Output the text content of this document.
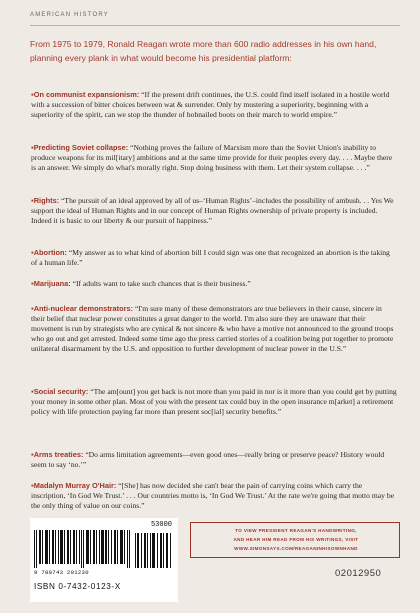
AMERICAN HISTORY
From 1975 to 1979, Ronald Reagan wrote more than 600 radio addresses in his own hand, planning every plank in what would become his presidential platform:
▪On communist expansionism: “If the present drift continues, the U.S. could find itself isolated in a hostile world with a succession of bitter choices between wat & surrender. Only by mustering a superiority, beginning with a superiority of the spirit, can we stop the thunder of hobnailed boots on their march to world empire.”
▪Predicting Soviet collapse: “Nothing proves the failure of Marxism more than the Soviet Union's inability to produce weapons for its mil[itary] ambitions and at the same time provide for their peoples every day. . . . Maybe there is an answer. We simply do what's morally right. Stop doing business with them. Let their system collapse. . . .”
▪Rights: “The pursuit of an ideal approved by all of us–‘Human Rights’–includes the possibility of ambush. . . Yes We support the ideal of Human Rights and in our concept of Human Rights ownership of private property is included. Indeed it is basic to our liberty & our pursuit of happiness.”
▪Abortion: “My answer as to what kind of abortion bill I could sign was one that recognized an abortion is the taking of a human life.”
▪Marijuana: “If adults want to take such chances that is their business.”
▪Anti-nuclear demonstrators: “I'm sure many of these demonstrators are true believers in their cause, sincere in their belief that nuclear power constitutes a great danger to the world. I'm also sure they are unaware that their movement is run by strategists who are cynical & not sincere & who have a motive not announced to the ground troops who go out and get arrested. Indeed some time ago the press carried stories of a coalition being put together to promote unilateral disarmament by the U.S. and opposition to further development of nuclear power in the U.S.”
▪Social security: “The am[ount] you get back is not more than you paid in nor is it more than you could get by putting your money in some other plan. Most of you with the present tax could buy in the open insurance m[arket] a retirement policy with life protection paying far more than present soc[ial] security benefits.”
▪Arms treaties: “Do arms limitation agreements—even good ones—really bring or preserve peace? History would seem to say ‘no.’”
▪Madalyn Murray O'Hair: “[She] has now decided she can't bear the pain of carrying coins which carry the inscription, ‘In God We Trust.’ . . . Our countries motto is, ‘In God We Trust.’ At the rate we're going that motto may be the only thing of value on our coins.”
53000
9 780743 201230
ISBN 0-7432-0123-X
TO VIEW PRESIDENT REAGAN'S HANDWRITING,
AND HEAR HIM READ FROM HIS WRITINGS, VISIT
WWW.SIMONSAYS.COM/REAGANINHISOWNHAND
02012950
